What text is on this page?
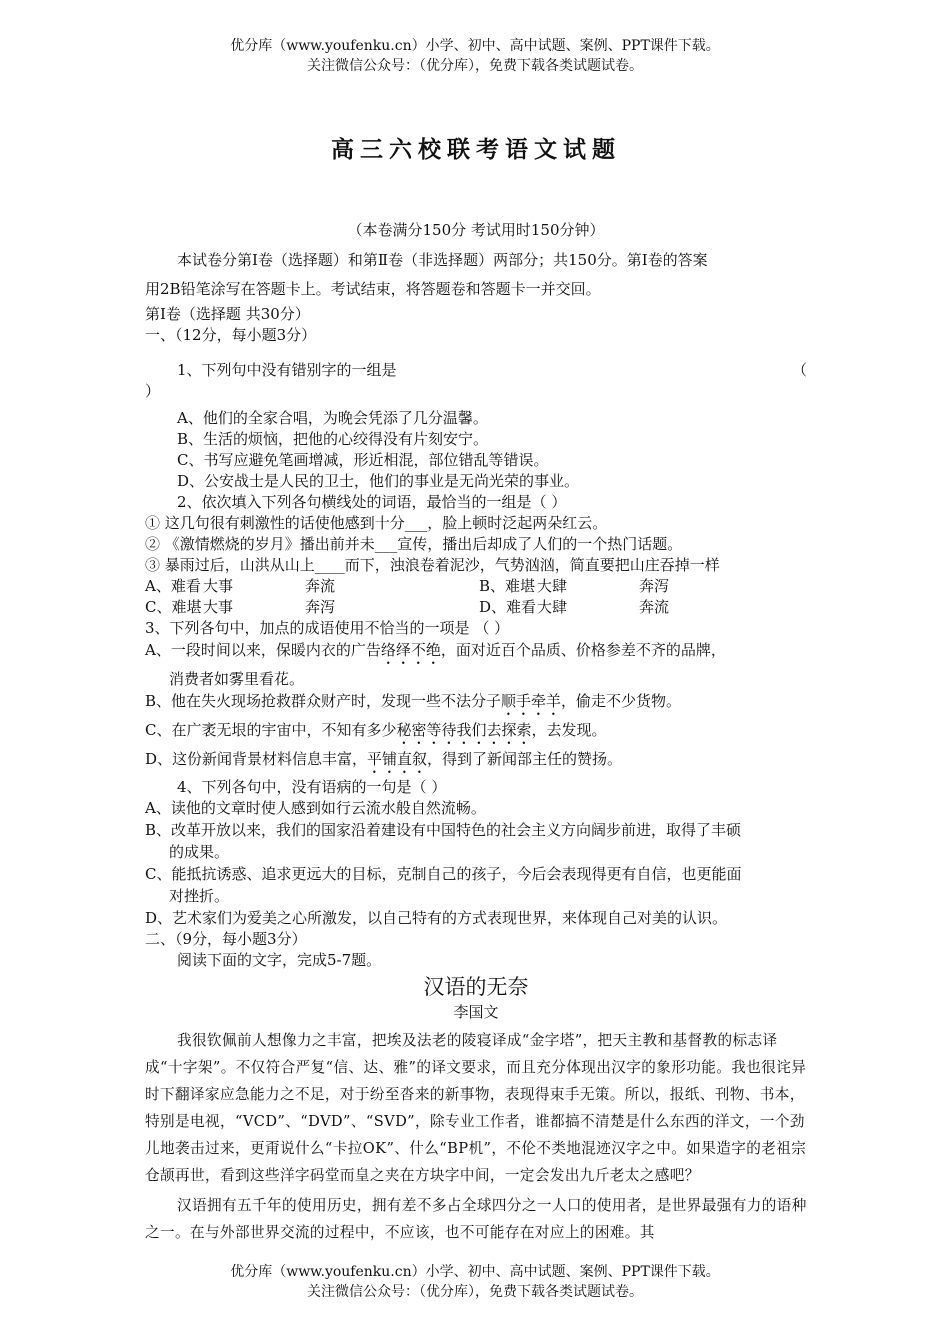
优分库（www.youfenku.cn）小学、初中、高中试题、案例、PPT课件下载。
关注微信公众号：（优分库），免费下载各类试题试卷。
高三六校联考语文试题

（本卷满分150分 考试用时150分钟）

本试卷分第Ⅰ卷（选择题）和第Ⅱ卷（非选择题）两部分；共150分。第Ⅰ卷的答案

用2B铅笔涂写在答题卡上。考试结束，将答题卷和答题卡一并交回。

第Ⅰ卷（选择题 共30分）

一、（12分，每小题3分）

1、下列句中没有错别字的一组是	（

）

A、他们的全家合唱，为晚会凭添了几分温馨。

B、生活的烦恼，把他的心绞得没有片刻安宁。

C、书写应避免笔画增减，形近相混，部位错乱等错误。

D、公安战士是人民的卫士，他们的事业是无尚光荣的事业。

2、依次填入下列各句横线处的词语，最恰当的一组是（ ）

① 这几句很有刺激性的话使他感到十分___，脸上顿时泛起两朵红云。

② 《激情燃烧的岁月》播出前并未___宣传，播出后却成了人们的一个热门话题。

③ 暴雨过后，山洪从山上____而下，浊浪卷着泥沙，气势汹汹，简直要把山庄吞掉一样

A、难看 大事	奔流	B、难堪 大肆	奔泻
C、难堪 大事	奔泻	D、难看 大肆	奔流

3、下列各句中，加点的成语使用不恰当的一项是 （ ）

A、一段时间以来，保暖内衣的广告络绎不绝，面对近百个品质、价格参差不齐的品牌，

消费者如雾里看花。

B、他在失火现场抢救群众财产时，发现一些不法分子顺手牵羊，偷走不少货物。

C、在广袤无垠的宇宙中，不知有多少秘密等待我们去探索，去发现。

D、这份新闻背景材料信息丰富，平铺直叙，得到了新闻部主任的赞扬。

4、下列各句中，没有语病的一句是（ ）

A、读他的文章时使人感到如行云流水般自然流畅。

B、改革开放以来，我们的国家沿着建设有中国特色的社会主义方向阔步前进，取得了丰硕

的成果。

C、能抵抗诱惑、追求更远大的目标，克制自己的孩子，今后会表现得更有自信，也更能面

对挫折。

D、艺术家们为爱美之心所激发，以自己特有的方式表现世界，来体现自己对美的认识。

二、（9分，每小题3分）

阅读下面的文字，完成5-7题。

汉语的无奈
李国文

我很钦佩前人想像力之丰富，把埃及法老的陵寝译成“金字塔”，把天主教和基督教的标志译成“十字架”。不仅符合严复“信、达、雅”的译文要求，而且充分体现出汉字的象形功能。我也很诧异时下翻译家应急能力之不足，对于纷至沓来的新事物，表现得束手无策。所以，报纸、刊物、书本，特别是电视，“VCD”、“DVD”、“SVD”，除专业工作者，谁都搞不清楚是什么东西的洋文，一个劲儿地袭击过来，更甭说什么“卡拉OK”、什么“BP机”，不伦不类地混迹汉字之中。如果造字的老祖宗仓颉再世，看到这些洋字码堂而皇之夹在方块字中间，一定会发出九斤老太之感吧？

汉语拥有五千年的使用历史，拥有差不多占全球四分之一人口的使用者，是世界最强有力的语种之一。在与外部世界交流的过程中，不应该，也不可能存在对应上的困难。其

优分库（www.youfenku.cn）小学、初中、高中试题、案例、PPT课件下载。
关注微信公众号：（优分库），免费下载各类试题试卷。
